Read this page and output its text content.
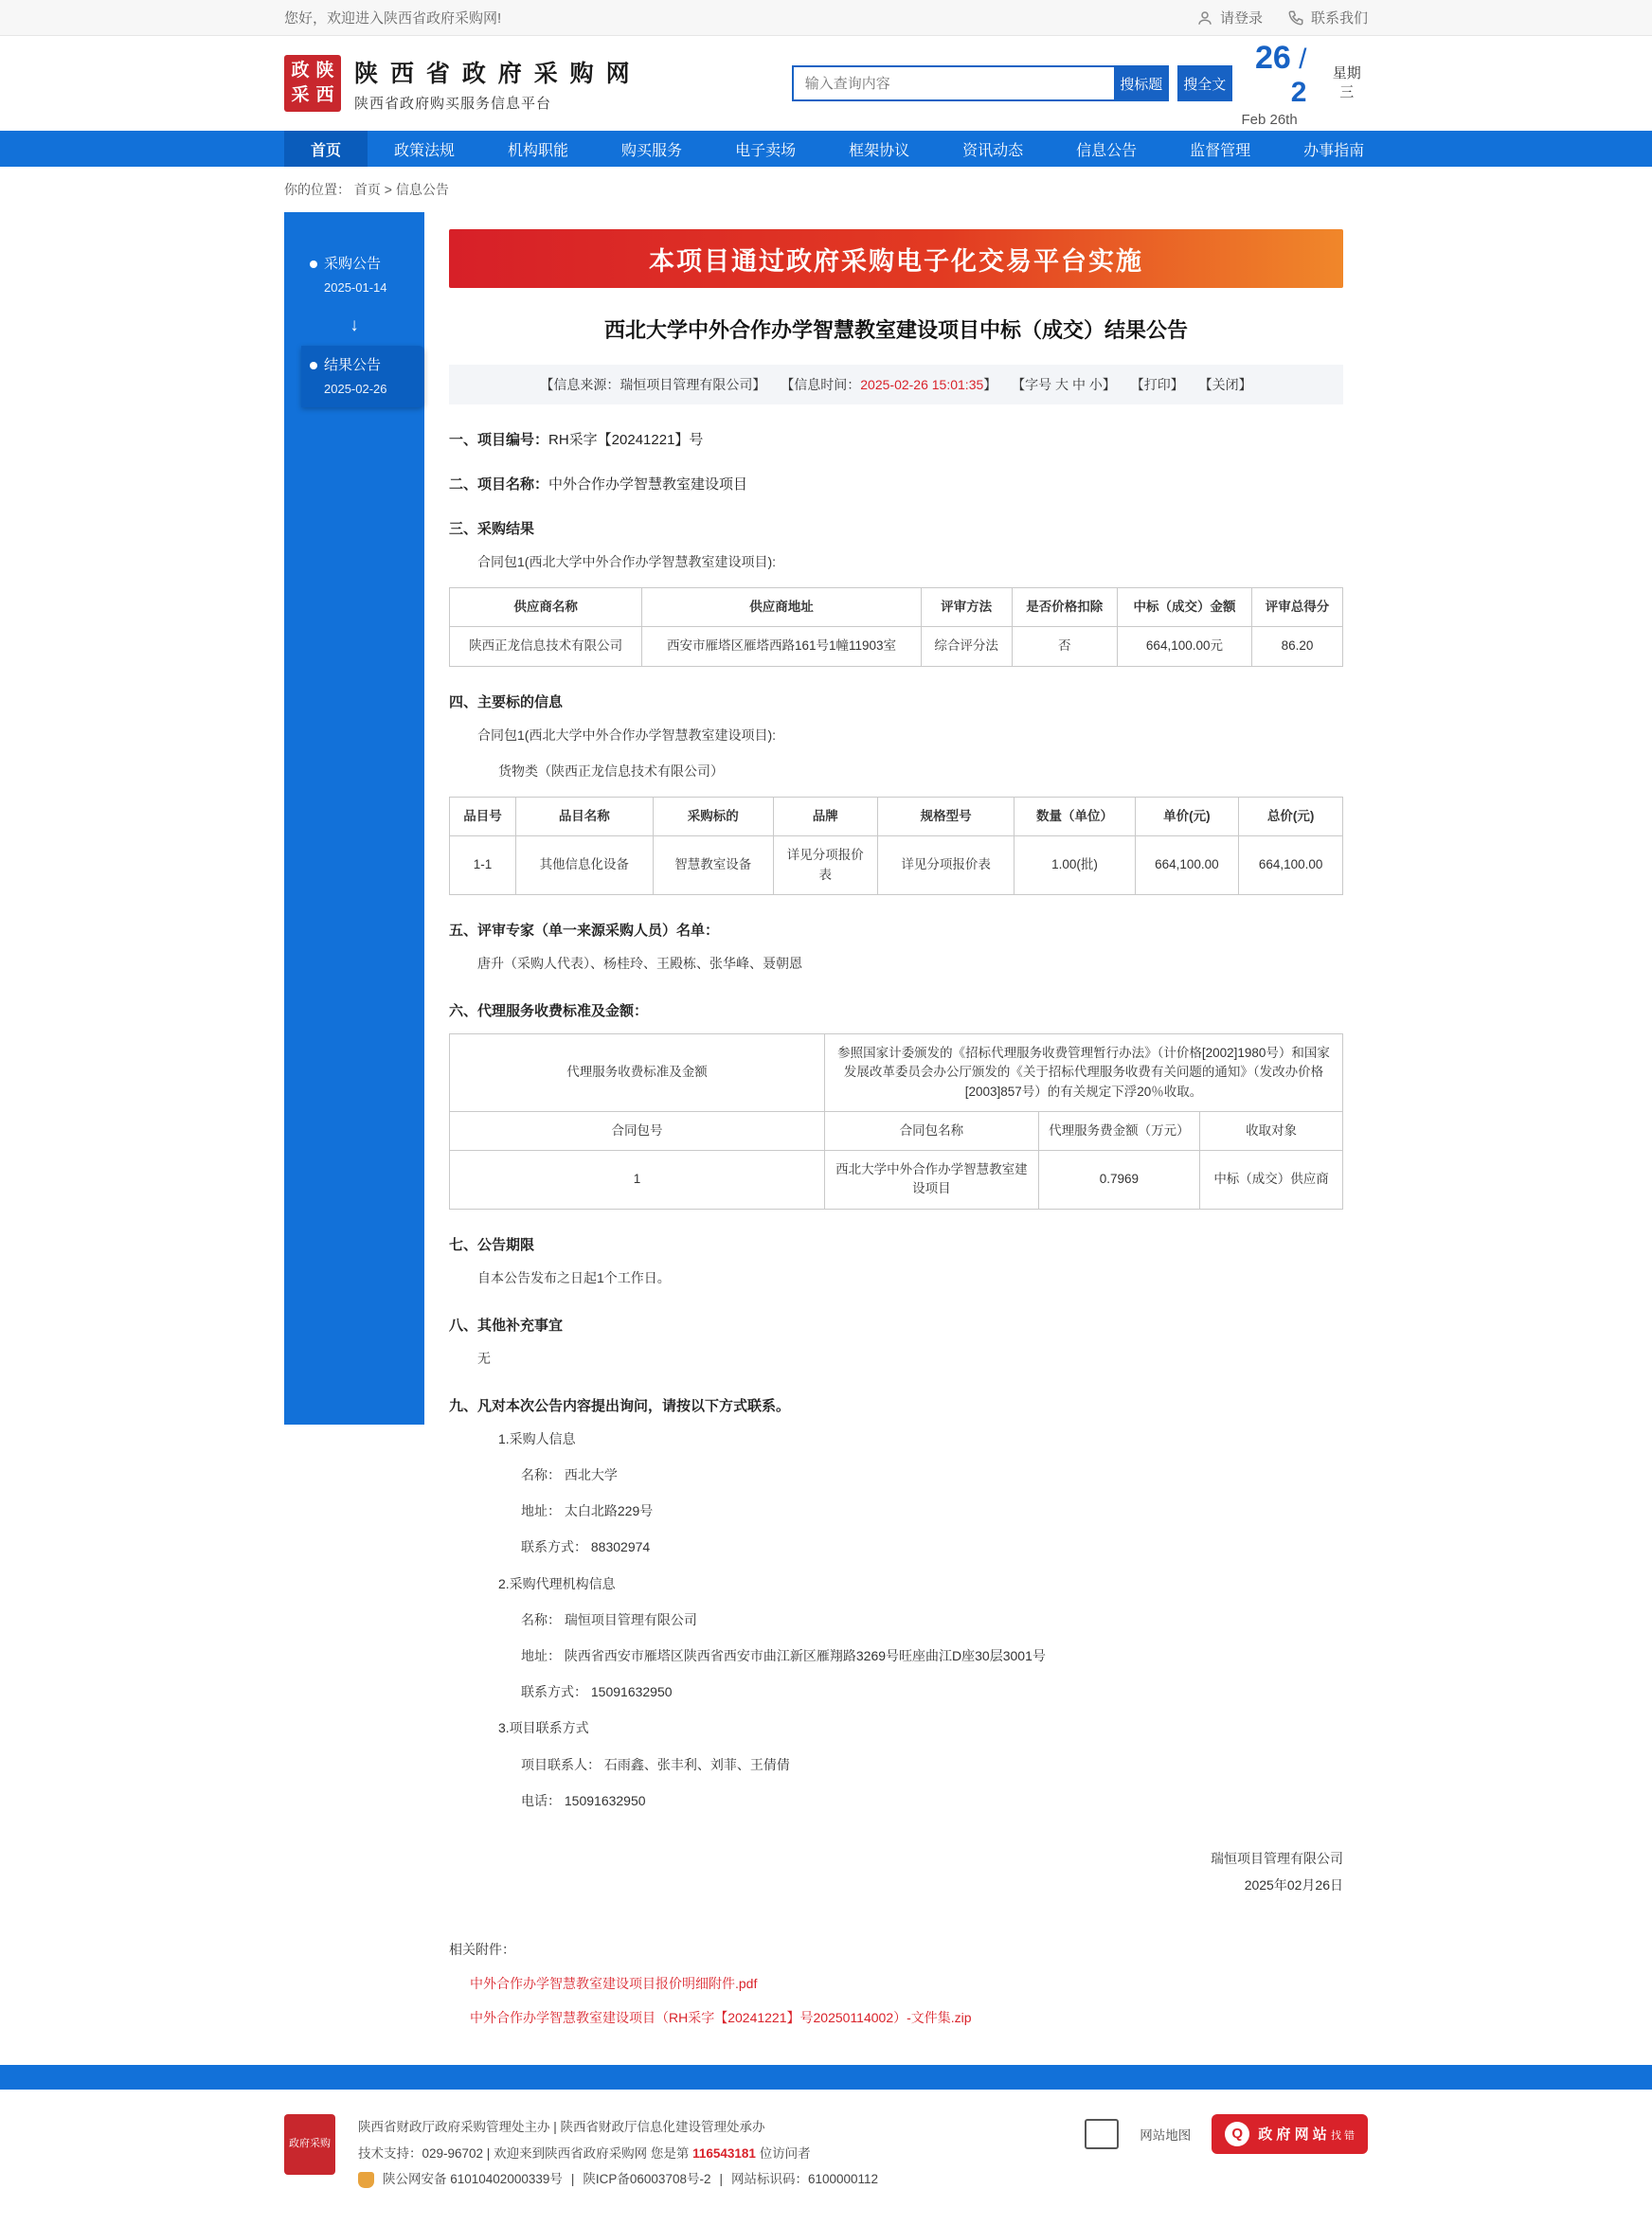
您好，欢迎进入陕西省政府采购网!	请登录	联系我们
政 陕
采 西
陕 西 省 政 府 采 购 网
陕西省政府购买服务信息平台
输入查询内容
搜标题	搜全文
26 / 2
Feb 26th
星期三
首页	政策法规	机构职能	购买服务	电子卖场	框架协议	资讯动态	信息公告	监督管理	办事指南
你的位置： 首页 > 信息公告
采购公告
2025-01-14
↓
结果公告
2025-02-26
本项目通过政府采购电子化交易平台实施
西北大学中外合作办学智慧教室建设项目中标（成交）结果公告
【信息来源：瑞恒项目管理有限公司】 【信息时间：2025-02-26 15:01:35】 【字号 大 中 小】 【打印】 【关闭】
一、项目编号：RH采字【20241221】号
二、项目名称：中外合作办学智慧教室建设项目
三、采购结果
合同包1(西北大学中外合作办学智慧教室建设项目):
供应商名称	供应商地址	评审方法	是否价格扣除	中标（成交）金额	评审总得分
陕西正龙信息技术有限公司	西安市雁塔区雁塔西路161号1幢11903室	综合评分法	否	664,100.00元	86.20
四、主要标的信息
合同包1(西北大学中外合作办学智慧教室建设项目):
货物类（陕西正龙信息技术有限公司）
品目号	品目名称	采购标的	品牌	规格型号	数量（单位）	单价(元)	总价(元)
1-1	其他信息化设备	智慧教室设备	详见分项报价表	详见分项报价表	1.00(批)	664,100.00	664,100.00
五、评审专家（单一来源采购人员）名单：
唐升（采购人代表）、杨桂玲、王殿栋、张华峰、聂朝恩
六、代理服务收费标准及金额：
代理服务收费标准及金额	参照国家计委颁发的《招标代理服务收费管理暂行办法》（计价格[2002]1980号）和国家发展改革委员会办公厅颁发的《关于招标代理服务收费有关问题的通知》（发改办价格[2003]857号）的有关规定下浮20％收取。		
合同包号	合同包名称	代理服务费金额（万元）	收取对象
1	西北大学中外合作办学智慧教室建设项目	0.7969	中标（成交）供应商
七、公告期限
自本公告发布之日起1个工作日。
八、其他补充事宜
无
九、凡对本次公告内容提出询问，请按以下方式联系。
1.采购人信息
名称： 西北大学
地址： 太白北路229号
联系方式： 88302974
2.采购代理机构信息
名称： 瑞恒项目管理有限公司
地址： 陕西省西安市雁塔区陕西省西安市曲江新区雁翔路3269号旺座曲江D座30层3001号
联系方式： 15091632950
3.项目联系方式
项目联系人： 石雨鑫、张丰利、刘菲、王倩倩
电话： 15091632950
瑞恒项目管理有限公司
2025年02月26日
相关附件：
中外合作办学智慧教室建设项目报价明细附件.pdf
中外合作办学智慧教室建设项目（RH采字【20241221】号20250114002）-文件集.zip
政府采购
陕西省财政厅政府采购管理处主办 | 陕西省财政厅信息化建设管理处承办
技术支持：029-96702 | 欢迎来到陕西省政府采购网 您是第 116543181 位访问者
陕公网安备 61010402000339号 | 陕ICP备06003708号-2 | 网站标识码：6100000112
网站地图	Q	政 府 网 站 找 错
